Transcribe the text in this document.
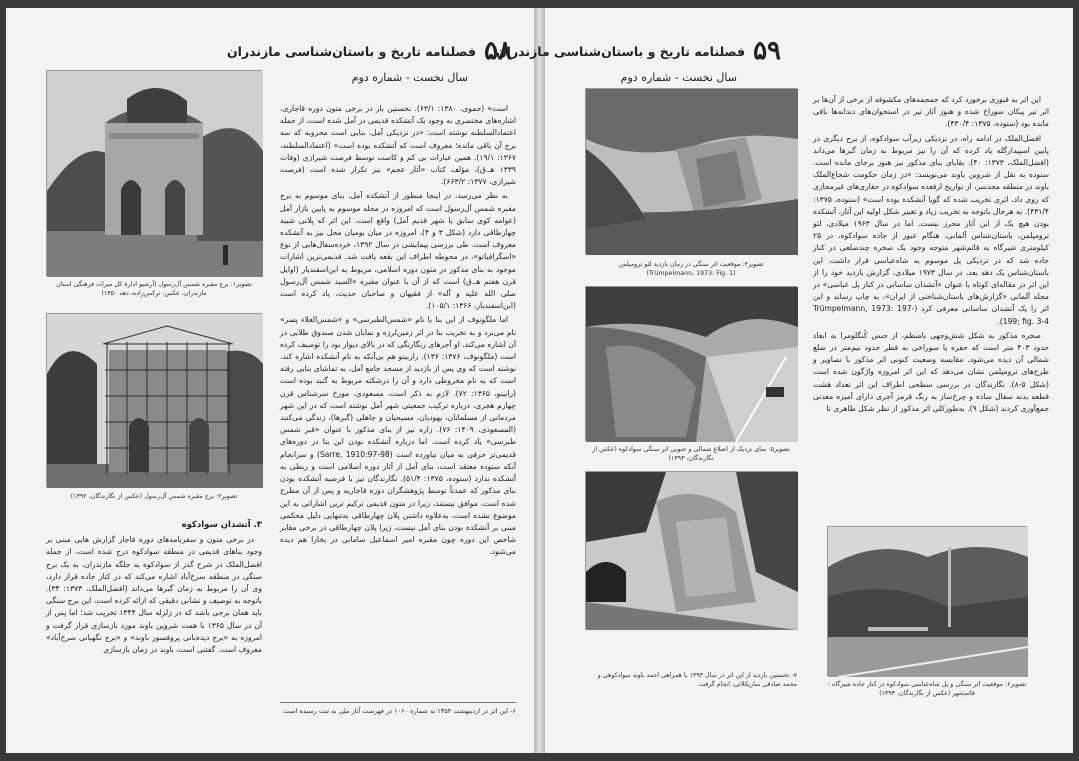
۵۸فصلنامه تاریخ و باستان‌شناسی مازندران
سال نخست - شماره دوم

است» (حموی، ۱۳۸۰: ۶۳/۱). نخستین بار در برخی متون دوره قاجاری، اشاره‌های مختصری به وجود یک آتشکده قدیمی در آمل شده است، از جمله اعتمادالسلطنه نوشته است: «در نزدیکی آمل، بنایی است محروبه که سه برج آن باقی مانده؛ معروف است که آتشکده بوده است» (اعتمادالسلطنه، ۱۳۶۷: ۱۹/۱). همین عبارات بی کم و کاست توسط فرصت شیرازی (وفات ۱۳۳۹ هـ.ق)، مؤلف کتاب «آثار عجم» نیز تکرار شده است (فرصت شیرازی، ۱۳۷۷: ۶۶۳/۲).

به نظر می‌رسد، در اینجا منظور از آتشکده آمل، بنای موسوم به برج مقبره شمس آل‌رسول است که امروزه در محله موسوم به پایین بازار آمل (عوامه کوی سابق یا شهر قدیم آمل) واقع است. این اثر که پلانی شبیه چهارطاقی دارد (شکل ۳ و ۴)، امروزه در میان بومیان محل نیز به آتشکده معروف است. طی بررسی پیمایشی در سال ۱۳۹۲، خرده‌سفال‌هایی از نوع «اسگرافیاتو»، در محوطه اطراف این بقعه یافت شد. قدیمی‌ترین اشارات موجود به بنای مذکور در متون دوره اسلامی، مربوط به ابن‌اسفندیار (اوایل قرن هفتم هـ.ق) است که از آن با عنوان مقبره «السید شمس آل‌رسول صلی الله علیه و آله» از فقیهان و صاحبان حدیث، یاد کرده است (ابن‌اسفندیار، ۱۳۶۶: ۱۰۵/۱).

اما ملگونوف از این بنا با نام «شمس‌الطبرسی» و «شمس‌العلاء پسر» نام می‌برد و به تخریب بنا در اثر زمین‌لرزه و نمایان شدن صندوق طلایی در آن اشاره می‌کند. او آجرهای رنگارنگی که در بالای دیوار بود را توصیف کرده است (ملگونوف، ۱۳۷۶: ۱۳۶). راربینو هم بی‌آنکه به نام آتشکده اشاره کند، نوشته است که وی پس از بازدید از مسجد جامع آمل، به تماشای بنایی رفته است که به نام مخروطی دارد و آن را درشکته مربوط به گنبد بوده است (رابینو، ۱۳۶۵: ۷۲). لازم به ذکر است، مسعودی، مورخ سرشناس قرن چهارم هجری، درباره ترکیب جمعیتی شهر آمل نوشته است که در این شهر مردمانی از مسلمانان، یهودیان، مسیحیان و جاهلی (گبرها)، زندگی می‌کنند (المسعودی، ۱۴۰۹: ۷۶). زاره نیز از بنای مذکور با عنوان «قبر شمس طبرسی» یاد کرده است. اما درباره آتشکده بودن این بنا در دوره‌های قدیمی‌تر حرفی به میان نیاورده است (Sarre, 1910:97-98) و سرانجام آنکه ستوده معتقد است، بنای آمل از آثار دوره اسلامی است و ربطی به آتشکده ندارد (ستوده، ۱۳۷۵: ۵۱/۴). نگارندگان نیز با فرضیه آتشکده بودن بنای مذکور که عمدتاً توسط پژوهشگران دوره قاجاریه و پس از آن مطرح شده است، موافق نیستند، زیرا در متون قدیمی ترکیم ترین اشاراتی به این موضوع نشده است، به‌علاوه داشتن پلان چهارطاقی به‌تنهایی دلیل محکمی مبنی بر آتشکده بودن بنای آمل نیست، زیرا پلان چهارطاقی در برخی مقابر شاخص این دوره چون مقبره امیر اسماعیل سامانی در بخارا هم دیده می‌شود.

تصویر۱: برج مقبره شمس آل‌رسول (آرشیو ادارۀ کل میراث فرهنگی استان مازندران، عکس: ترکمن‌زاده، دهه ۱۳۵۰)
تصویر۲: برج مقبره شمس آل‌رسول (عکس از نگارندگان، ۱۳۹۲)
۳. آتشدان سوادکوه

در برخی متون و سفرنامه‌های دوره قاجار گزارش هایی مبنی بر وجود بناهای قدیمی در منطقه سوادکوه درج شده است، از جمله افضل‌الملک در شرح گذر از سوادکوه به جلگه مازندران، به یک برج سنگی در منطقه سرخ‌آباد اشاره می‌کند که در کنار جاده قرار دارد، وی آن را مربوط به زمان گبرها می‌داند (افضل‌الملک، ۱۳۷۳: ۳۴). باتوجه به توصیف و نشانی دقیقی که ارائه کرده است، این برج سنگی باید همان برجی باشد که در زلزله سال ۱۳۴۴ تخریب شد؛ اما پس از آن در سال ۱۳۶۵ با همت شروین باوند مورد بازسازی قرار گرفت و امروزه به «برج دیده‌بانی پروفسور باوند» و «برج نگهبانی سرخ‌آباد» معروف است. گفتنی است، باوند در زمان بازسازی

۶- این اثر در اردیبهشت ۱۳۵۴ به شماره ۱۰۶۰ در فهرست آثار ملی به ثبت رسیده است.
۵۹فصلنامه تاریخ و باستان‌شناسی مازندران
سال نخست - شماره دوم

این اثر به قبوری برخورد کرد که جمجمه‌های مکشوفه از برخی از آن‌ها بر اثر تیر پیکان سوراخ شده و هنوز آثار تیر در استخوان‌های دندانه‌ها باقی مانده بود (ستوده، ۱۳۷۵: ۴۳۰/۴).

افضل‌الملک در ادامه راه، در نزدیکی زیرآب سوادکوه، از برج دیگری در پایین اسپیدارگله یاد کرده که آن را نیز مربوط به زمان گبرها می‌داند (افضل‌الملک، ۱۳۷۳: ۴۰). بقایای بنای مذکور نیز هنوز برجای مانده است. ستوده به نقل از شروین باوند می‌نویسد: «در زمان حکومت شجاع‌الملک باوند در منطقه مجدسر، از تواریخ ارفعده سوادکوه در حفاری‌های غیرمجازی که روی داد، اثری تخریب شده که گویا آتشکده بوده است» (ستوده، ۱۳۷۵: ۴۳۱/۴). به هرحال باتوجه به تخریب زیاد و تغییر شکل اولیه این آثار، آتشکده بودن هیچ یک از این آثار محرز نیست. اما در سال ۱۹۶۳ میلادی، لئو ترومپلمن، باستان‌شناس آلمانی، هنگام عبور از جاده سوادکوه، در ۲۵ کیلومتری شیرگاه به قائم‌شهر متوجه وجود یک صخره چندضلعی در کنار جاده شد که در نزدیکی پل موسوم به شاه‌عباسی قرار داشت. این باستان‌شناس یک دهه بعد، در سال ۱۹۷۳ میلادی، گزارش بازدید خود را از این اثر در مقاله‌ای کوتاه با عنوان «آتشدان ساسانی در کنار پل عباسی» در مجله آلمانی «گزارش‌های باستان‌شناختی از ایران»، به چاپ رساند و این اثر را یک آتشدان ساسانی معرفی کرد (Trümpelmann, 1973: 197-199; fig. 3-4).

صخره مذکور به شکل شش‌وجهی نامنظم، از جنس کُنگلومرا به ابعاد حدود ۴۰۳ متر است که حفره یا سوراخی به قطر حدود نیم‌متر در ضلع شمالی آن دیده می‌شود. مقایسه وضعیت کنونی اثر مذکور با تصاویر و طرح‌های ترومپلمن نشان می‌دهد که این اثر امروزه واژگون شده است (شکل ۵-۸). نگارندگان در بررسی سطحی اطراف این اثر تعداد هشت قطعه بدنه سفال ساده و چرخ‌ساز به رنگ قرمز آجری دارای آمیزه معدنی جمع‌آوری کردند (شکل ۹). به‌طورکلی اثر مذکور از نظر شکل ظاهری تا

تصویر۴: موقعیت اثر سنگی در زمان بازدید لئو ترومپلمن
(Trümpelmann, 1973: Fig. 1)
تصویر۵: نمای نزدیک از اضلاع شمالی و جنوبی اثر سنگی سوادکوه (عکس از نگارندگان، ۱۳۹۳)
۷- نخستین بازدید از این اثر در سال ۱۳۹۳ با همراهی احمد باوند سوادکوهی و محمد صادقی ساریکلائی، انجام گرفت.	تصویر۶: موقعیت اثر سنگی و پل شاه‌عباسی سوادکوه در کنار جاده شیرگاه - قائم‌شهر (عکس از نگارندگان، ۱۳۹۳)
